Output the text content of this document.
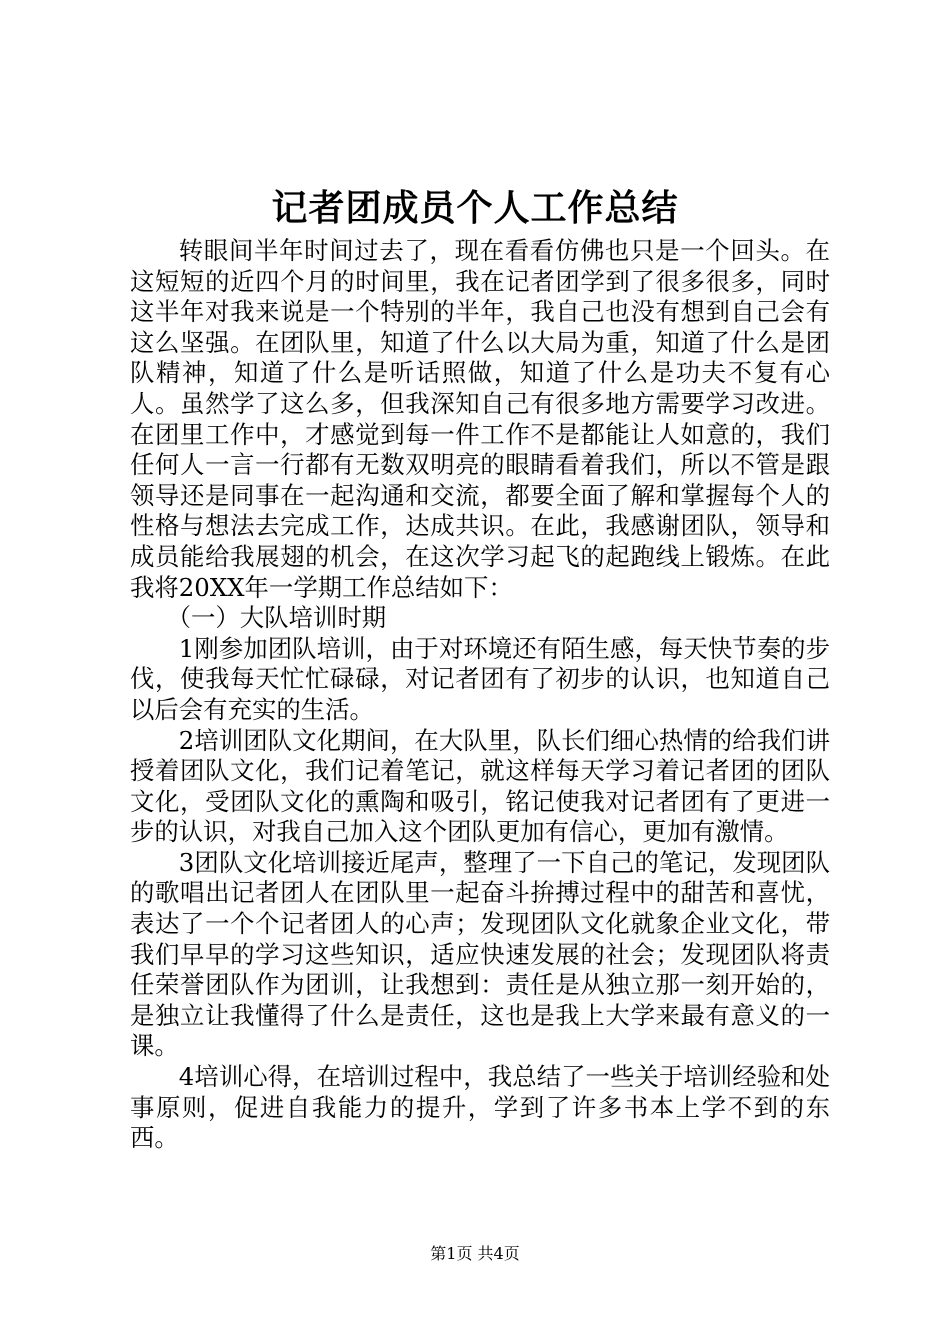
记者团成员个人工作总结

转眼间半年时间过去了，现在看看仿佛也只是一个回头。在这短短的近四个月的时间里，我在记者团学到了很多很多，同时这半年对我来说是一个特别的半年，我自己也没有想到自己会有这么坚强。在团队里，知道了什么以大局为重，知道了什么是团队精神，知道了什么是听话照做，知道了什么是功夫不复有心人。虽然学了这么多，但我深知自己有很多地方需要学习改进。在团里工作中，才感觉到每一件工作不是都能让人如意的，我们任何人一言一行都有无数双明亮的眼睛看着我们，所以不管是跟领导还是同事在一起沟通和交流，都要全面了解和掌握每个人的性格与想法去完成工作，达成共识。在此，我感谢团队，领导和成员能给我展翅的机会，在这次学习起飞的起跑线上锻炼。在此我将20XX年一学期工作总结如下：

（一）大队培训时期

1刚参加团队培训，由于对环境还有陌生感，每天快节奏的步伐，使我每天忙忙碌碌，对记者团有了初步的认识，也知道自己以后会有充实的生活。

2培训团队文化期间，在大队里，队长们细心热情的给我们讲授着团队文化，我们记着笔记，就这样每天学习着记者团的团队文化，受团队文化的熏陶和吸引，铭记使我对记者团有了更进一步的认识，对我自己加入这个团队更加有信心，更加有激情。

3团队文化培训接近尾声，整理了一下自己的笔记，发现团队的歌唱出记者团人在团队里一起奋斗拚搏过程中的甜苦和喜忧，表达了一个个记者团人的心声；发现团队文化就象企业文化，带我们早早的学习这些知识，适应快速发展的社会；发现团队将责任荣誉团队作为团训，让我想到：责任是从独立那一刻开始的，是独立让我懂得了什么是责任，这也是我上大学来最有意义的一课。

4培训心得，在培训过程中，我总结了一些关于培训经验和处事原则，促进自我能力的提升，学到了许多书本上学不到的东西。

第1页 共4页
